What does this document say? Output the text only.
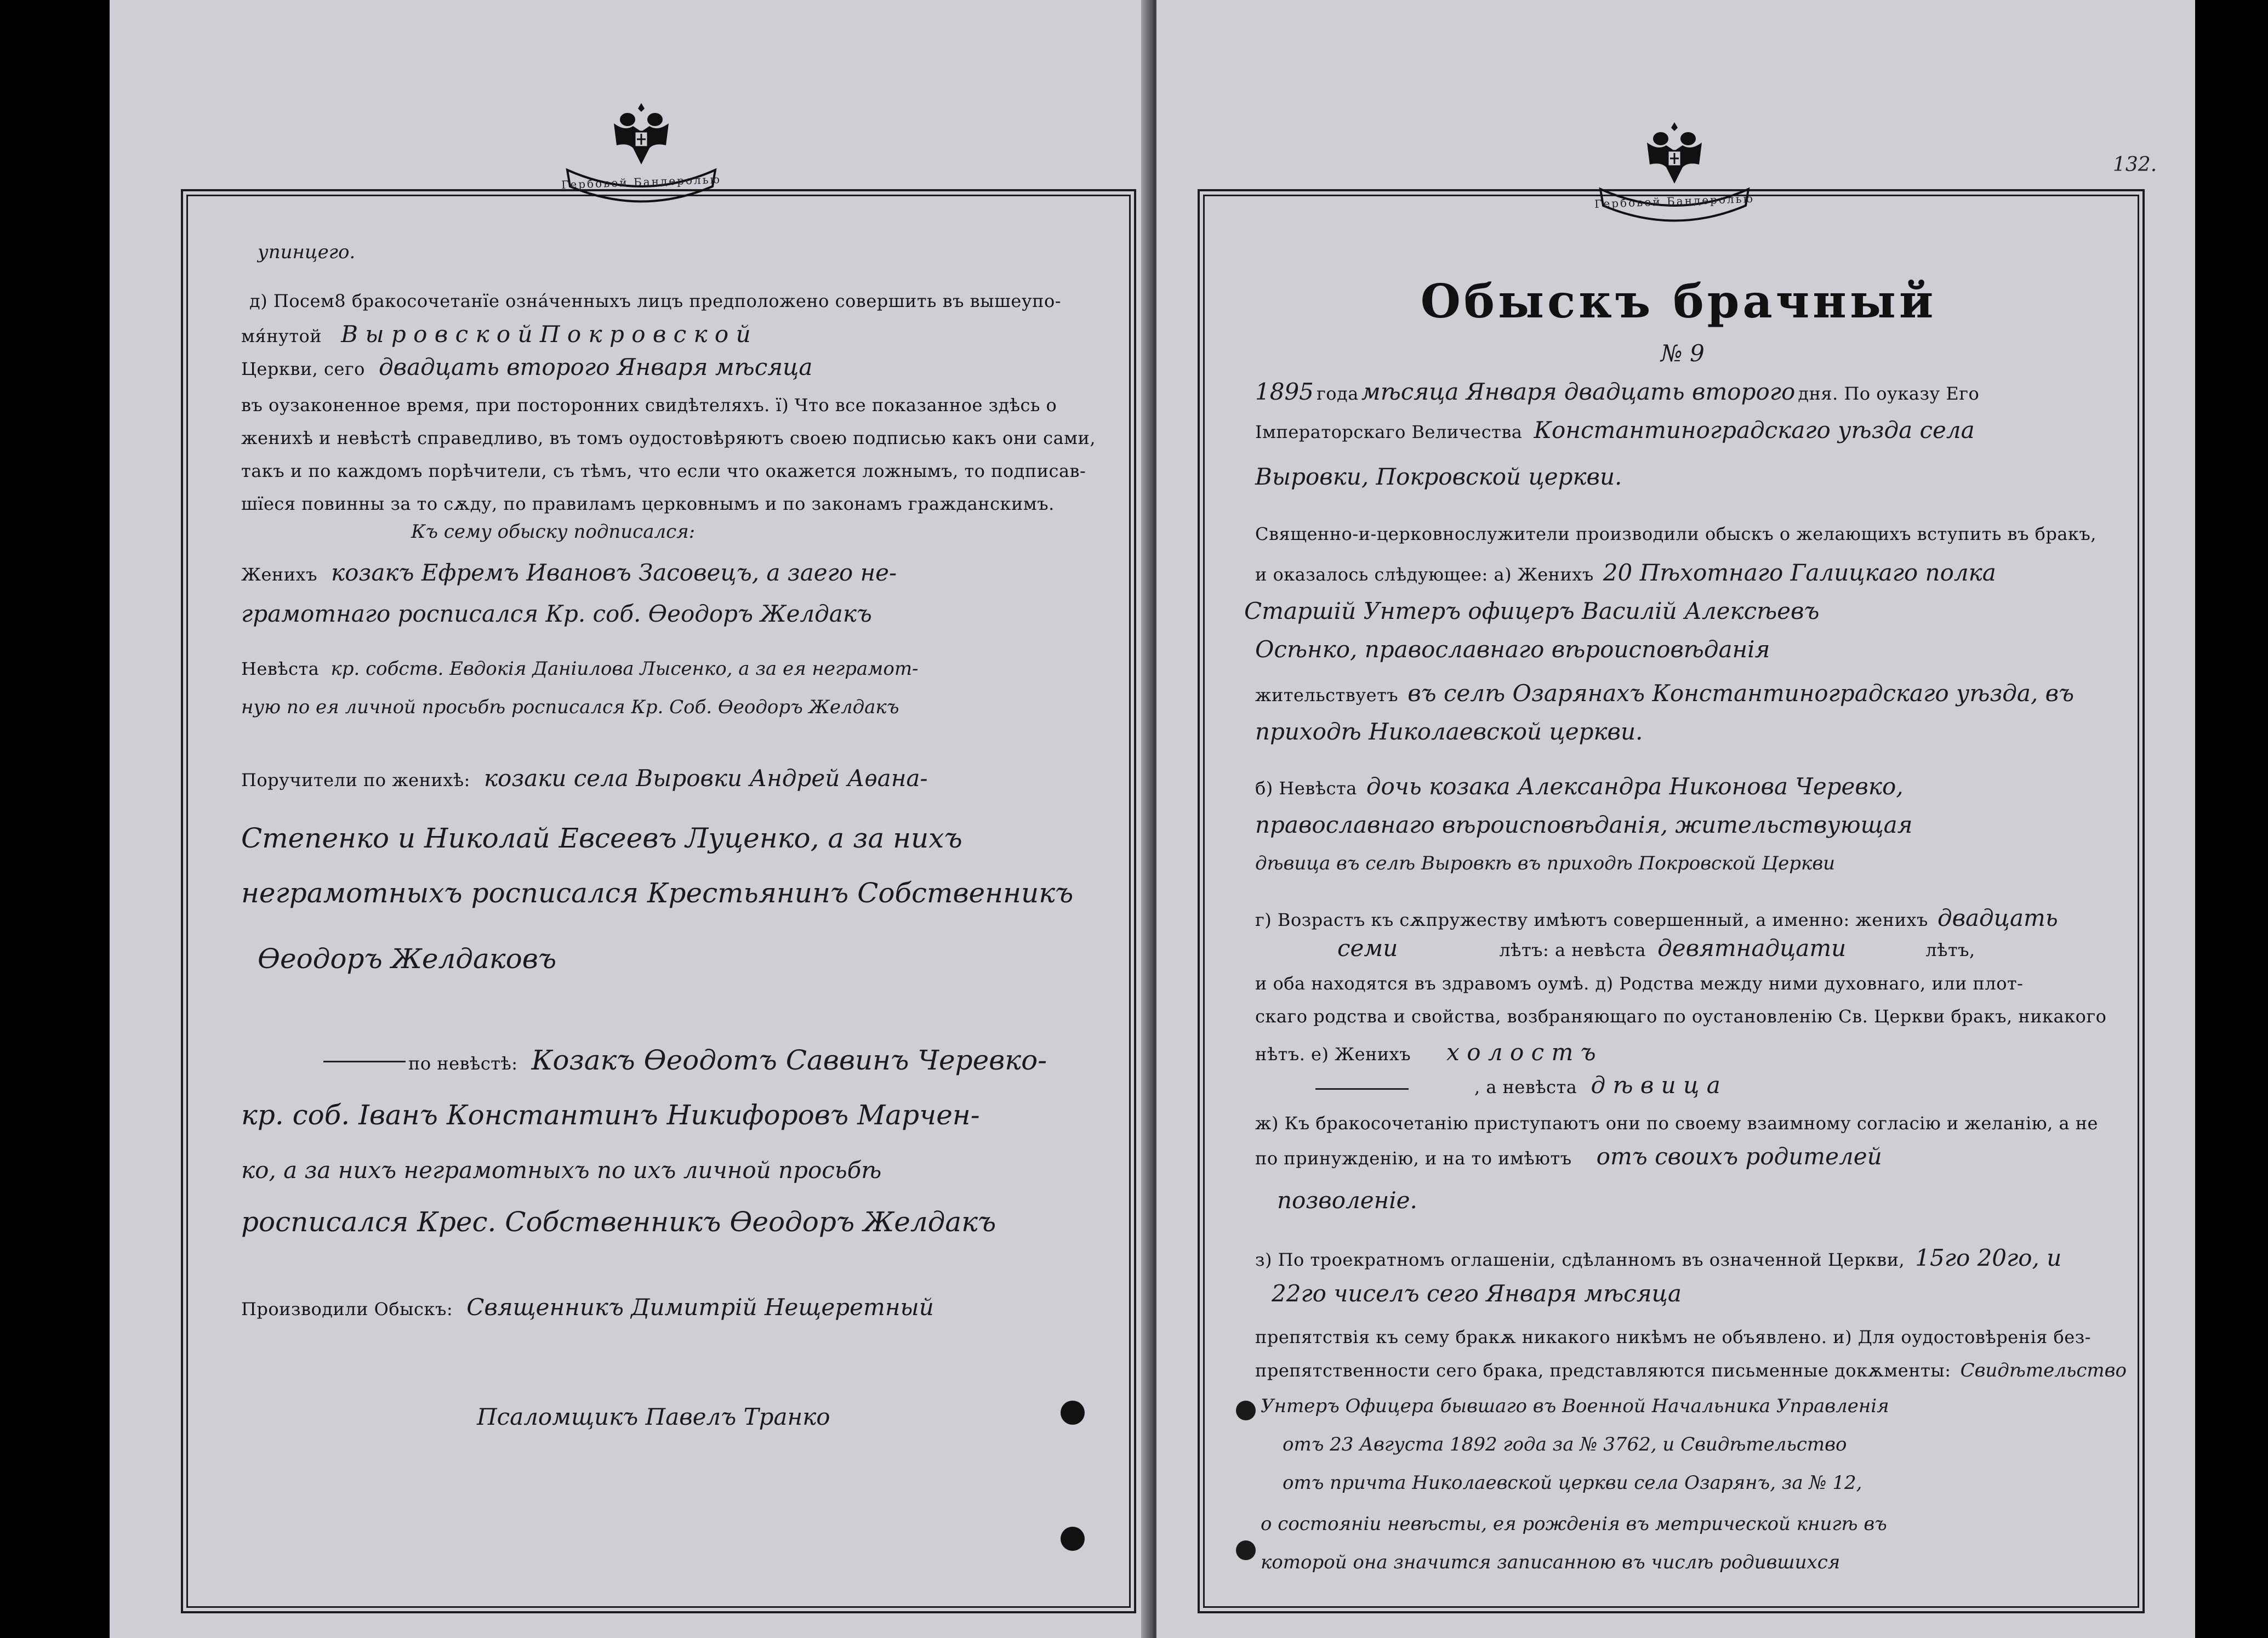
Гербовой Бандеролью
Гербовой Бандеролью
упинцего.
д) Посем8 бракосочетанїе озна́ченныхъ лицъ предположено совершить въ вышеупо-
мя́нутой В ы р о в с к о й П о к р о в с к о й
Церкви, сего двадцать второго Января мѣсяца
въ оузаконенное время, при посторонних свидѣтеляхъ. ї) Что все показанное здѣсь о
женихѣ и невѣстѣ справедливо, въ томъ оудостовѣряютъ своею подписью какъ они сами,
такъ и по каждомъ порѣчители, съ тѣмъ, что если что окажется ложнымъ, то подписав-
шїеся повинны за то сѫду, по правиламъ церковнымъ и по законамъ гражданскимъ.
Къ сему обыску подписался:
Женихъ козакъ Ефремъ Ивановъ Засовецъ, а заего не-
грамотнаго росписался Кр. соб. Өеодоръ Желдакъ
Невѣста кр. собств. Евдокія Даніилова Лысенко, а за ея неграмот-
ную по ея личной просьбѣ росписался Кр. Соб. Өеодоръ Желдакъ
Поручители по женихѣ: козаки села Выровки Андрей Аѳана-
Степенко и Николай Евсеевъ Луценко, а за нихъ
неграмотныхъ росписался Крестьянинъ Собственникъ
Өеодоръ Желдаковъ
по невѣстѣ: Козакъ Өеодотъ Саввинъ Черевко-
кр. соб. Іванъ Константинъ Никифоровъ Марчен-
ко, а за нихъ неграмотныхъ по ихъ личной просьбѣ
росписался Крес. Собственникъ Өеодоръ Желдакъ
Производили Обыскъ: Священникъ Димитрій Нещеретный
Псаломщикъ Павелъ Транко
132.
Обыскъ брачный
№ 9
1895 года мѣсяца Января двадцать второго дня. По оуказу Его
Імператорскаго Величества Константиноградскаго уѣзда села
Выровки, Покровской церкви.
Священно-и-церковнослужители производили обыскъ о желающихъ вступить въ бракъ,
и оказалось слѣдующее: а) Женихъ 20 Пѣхотнаго Галицкаго полка
Старшій Унтеръ офицеръ Василій Алексѣевъ
Осѣнко, православнаго вѣроисповѣданія
жительствуетъ въ селѣ Озарянахъ Константиноградскаго уѣзда, въ
приходѣ Николаевской церкви.
б) Невѣста дочь козака Александра Никонова Черевко,
православнаго вѣроисповѣданія, жительствующая
дѣвица въ селѣ Выровкѣ въ приходѣ Покровской Церкви
г) Возрастъ къ сѫпружеству имѣютъ совершенный, а именно: женихъ двадцать
семи	лѣтъ: а невѣста девятнадцати	лѣтъ,
и оба находятся въ здравомъ оумѣ. д) Родства между ними духовнаго, или плот-
скаго родства и свойства, возбраняющаго по оустановленію Св. Церкви бракъ, никакого
нѣтъ. е) Женихъ х о л о с т ъ
, а невѣста д ѣ в и ц а
ж) Къ бракосочетанію приступаютъ они по своему взаимному согласію и желанію, а не
по принужденію, и на то имѣютъ отъ своихъ родителей
позволеніе.
з) По троекратномъ оглашеніи, сдѣланномъ въ означенной Церкви, 15го 20го, и
22го чиселъ сего Января мѣсяца
препятствія къ сему бракѫ никакого никѣмъ не объявлено. и) Для оудостовѣренія без-
препятственности сего брака, представляются письменные докѫменты: Свидѣтельство
Унтеръ Офицера бывшаго въ Военной Начальника Управленія
отъ 23 Августа 1892 года за № 3762, и Свидѣтельство
отъ причта Николаевской церкви села Озарянъ, за № 12,
о состояніи невѣсты, ея рожденія въ метрической книгѣ въ
которой она значится записанною въ числѣ родившихся
